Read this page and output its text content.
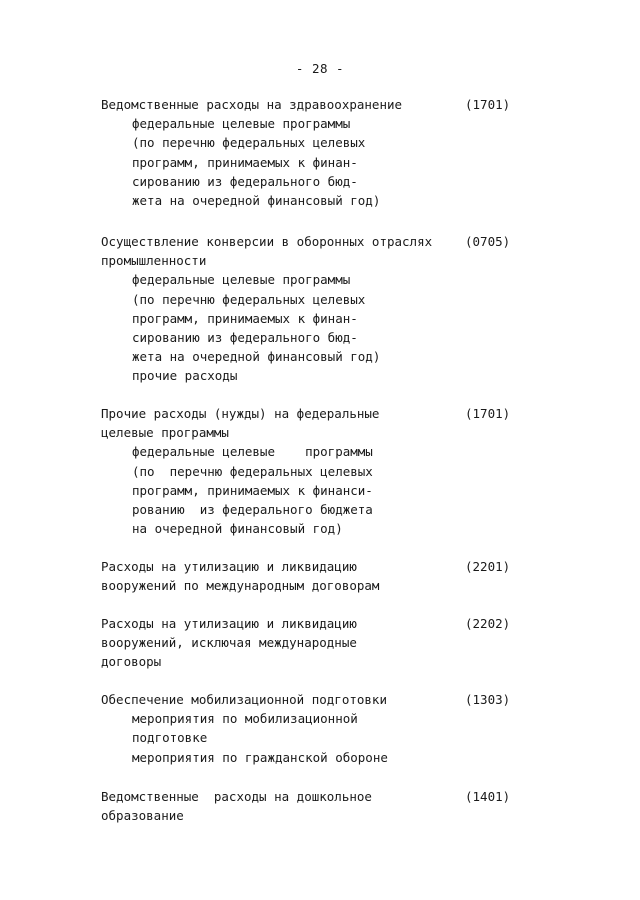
- 28 -
Ведомственные расходы на здравоохранение
федеральные целевые программы
(по перечню федеральных целевых
программ, принимаемых к финан-
сированию из федерального бюд-
жета на очередной финансовый год)
(1701)
Осуществление конверсии в оборонных отраслях
промышленности
федеральные целевые программы
(по перечню федеральных целевых
программ, принимаемых к финан-
сированию из федерального бюд-
жета на очередной финансовый год)
прочие расходы
(0705)
Прочие расходы (нужды) на федеральные
целевые программы
федеральные целевые    программы
(по  перечню федеральных целевых
программ, принимаемых к финанси-
рованию  из федерального бюджета
на очередной финансовый год)
(1701)
Расходы на утилизацию и ликвидацию
вооружений по международным договорам
(2201)
Расходы на утилизацию и ликвидацию
вооружений, исключая международные
договоры
(2202)
Обеспечение мобилизационной подготовки
мероприятия по мобилизационной
подготовке
мероприятия по гражданской обороне
(1303)
Ведомственные  расходы на дошкольное
образование
(1401)
